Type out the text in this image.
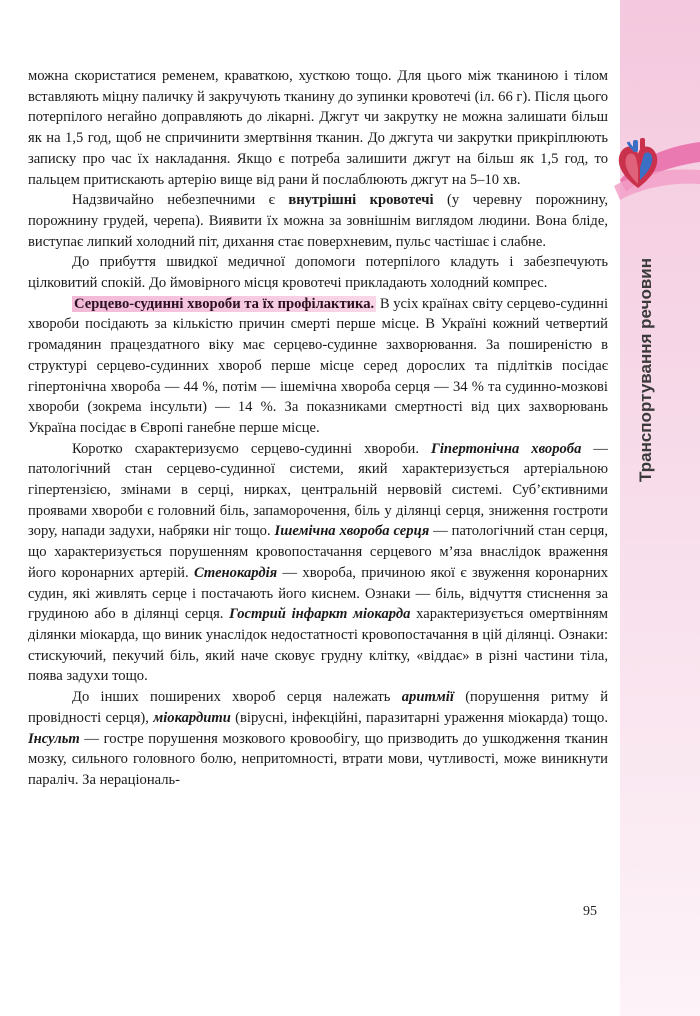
Транспортування речовин

можна скористатися ременем, краваткою, хусткою тощо. Для цього між тканиною і тілом вставляють міцну паличку й закручують тканину до зупинки кровотечі (іл. 66 г). Після цього потерпілого негайно доправляють до лікарні. Джгут чи закрутку не можна залишати більш як на 1,5 год, щоб не спричинити змертвіння тканин. До джгута чи закрутки прикріплюють записку про час їх накладання. Якщо є потреба залишити джгут на більш як 1,5 год, то пальцем притискають артерію вище від рани й послаблюють джгут на 5–10 хв.

Надзвичайно небезпечними є внутрішні кровотечі (у черевну порожнину, порожнину грудей, черепа). Виявити їх можна за зовнішнім виглядом людини. Вона бліде, виступає липкий холодний піт, дихання стає поверхневим, пульс частішає і слабне.

До прибуття швидкої медичної допомоги потерпілого кладуть і забезпечують цілковитий спокій. До ймовірного місця кровотечі прикладають холодний компрес.

Серцево-судинні хвороби та їх профілактика. В усіх країнах світу серцево-судинні хвороби посідають за кількістю причин смерті перше місце. В Україні кожний четвертий громадянин працездатного віку має серцево-судинне захворювання. За поширеністю в структурі серцево-судинних хвороб перше місце серед дорослих та підлітків посідає гіпертонічна хвороба — 44 %, потім — ішемічна хвороба серця — 34 % та судинно-мозкові хвороби (зокрема інсульти) — 14 %. За показниками смертності від цих захворювань Україна посідає в Європі ганебне перше місце.

Коротко схарактеризуємо серцево-судинні хвороби. Гіпертонічна хвороба — патологічний стан серцево-судинної системи, який характеризується артеріальною гіпертензією, змінами в серці, нирках, центральній нервовій системі. Суб’єктивними проявами хвороби є головний біль, запаморочення, біль у ділянці серця, зниження гостроти зору, напади задухи, набряки ніг тощо. Ішемічна хвороба серця — патологічний стан серця, що характеризується порушенням кровопостачання серцевого м’яза внаслідок враження його коронарних артерій. Стенокардія — хвороба, причиною якої є звуження коронарних судин, які живлять серце і постачають його киснем. Ознаки — біль, відчуття стиснення за грудиною або в ділянці серця. Гострий інфаркт міокарда характеризується омертвінням ділянки міокарда, що виник унаслідок недостатності кровопостачання в цій ділянці. Ознаки: стискуючий, пекучий біль, який наче сковує грудну клітку, «віддає» в різні частини тіла, поява задухи тощо.

До інших поширених хвороб серця належать аритмії (порушення ритму й провідності серця), міокардити (вірусні, інфекційні, паразитарні ураження міокарда) тощо. Інсульт — гостре порушення мозкового кровообігу, що призводить до ушкодження тканин мозку, сильного головного болю, непритомності, втрати мови, чутливості, може виникнути параліч. За нераціональ-

95
